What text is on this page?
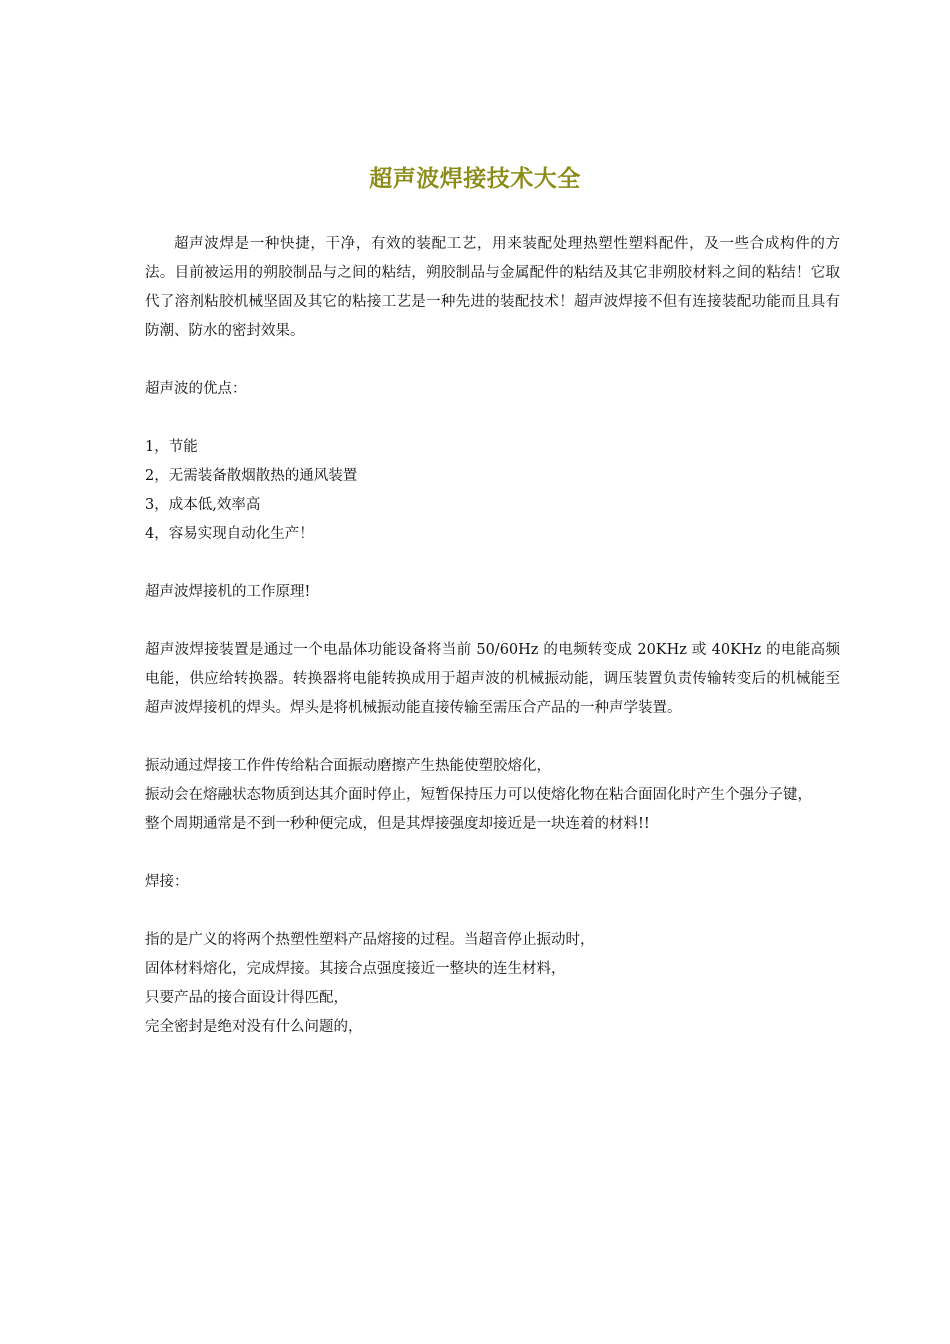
超声波焊接技术大全

超声波焊是一种快捷，干净，有效的装配工艺，用来装配处理热塑性塑料配件，及一些合成构件的方法。目前被运用的朔胶制品与之间的粘结，朔胶制品与金属配件的粘结及其它非朔胶材料之间的粘结！它取代了溶剂粘胶机械坚固及其它的粘接工艺是一种先进的装配技术！超声波焊接不但有连接装配功能而且具有防潮、防水的密封效果。

超声波的优点：

1，节能

2，无需装备散烟散热的通风装置

3，成本低,效率高

4，容易实现自动化生产！

超声波焊接机的工作原理!

超声波焊接装置是通过一个电晶体功能设备将当前 50/60Hz 的电频转变成 20KHz 或 40KHz 的电能高频电能，供应给转换器。转换器将电能转换成用于超声波的机械振动能，调压装置负责传输转变后的机械能至超声波焊接机的焊头。焊头是将机械振动能直接传输至需压合产品的一种声学装置。

振动通过焊接工作件传给粘合面振动磨擦产生热能使塑胶熔化，

振动会在熔融状态物质到达其介面时停止，短暂保持压力可以使熔化物在粘合面固化时产生个强分子键，

整个周期通常是不到一秒种便完成，但是其焊接强度却接近是一块连着的材料!!

焊接：

指的是广义的将两个热塑性塑料产品熔接的过程。当超音停止振动时，

固体材料熔化，完成焊接。其接合点强度接近一整块的连生材料，

只要产品的接合面设计得匹配，

完全密封是绝对没有什么问题的，
